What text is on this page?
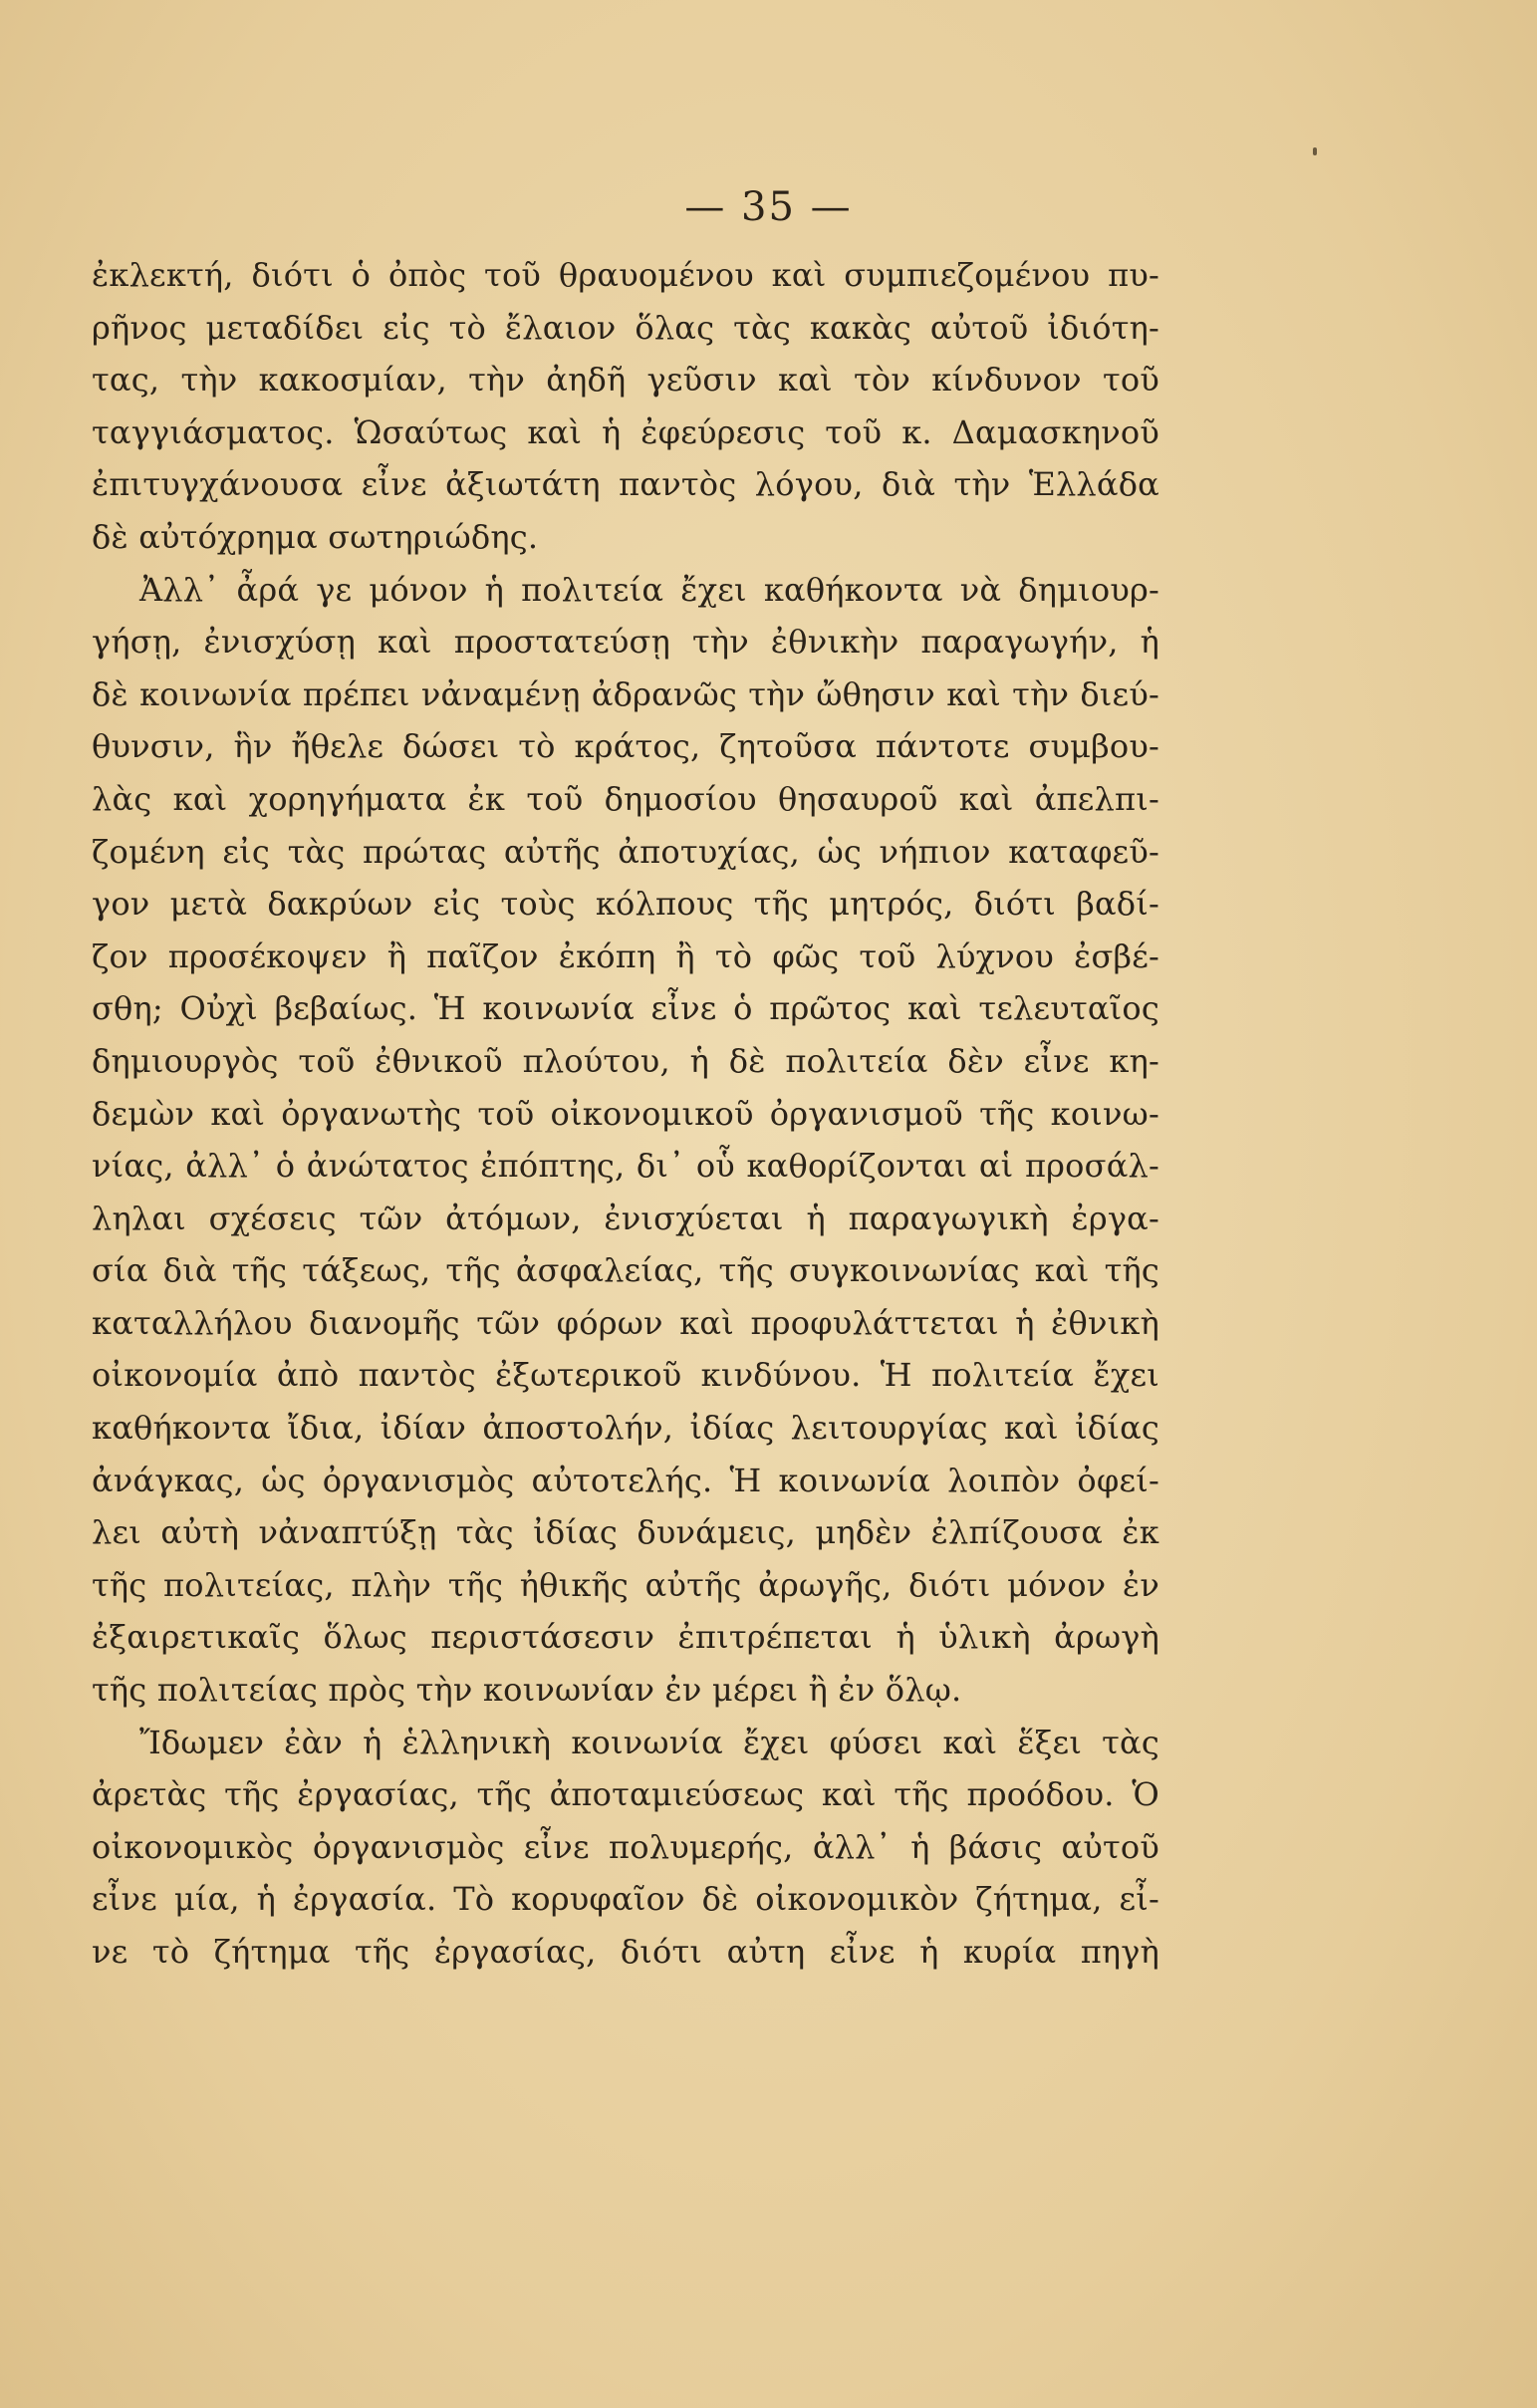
— 35 —
ἐκλεκτή, διότι ὁ ὀπὸς τοῦ θραυομένου καὶ συμπιεζομένου πυ-
ρῆνος μεταδίδει εἰς τὸ ἔλαιον ὅλας τὰς κακὰς αὐτοῦ ἰδιότη-
τας, τὴν κακοσμίαν, τὴν ἀηδῆ γεῦσιν καὶ τὸν κίνδυνον τοῦ
ταγγιάσματος. Ὡσαύτως καὶ ἡ ἐφεύρεσις τοῦ κ. Δαμασκηνοῦ
ἐπιτυγχάνουσα εἶνε ἀξιωτάτη παντὸς λόγου, διὰ τὴν Ἑλλάδα
δὲ αὐτόχρημα σωτηριώδης.
Ἀλλ᾽ ἆρά γε μόνον ἡ πολιτεία ἔχει καθήκοντα νὰ δημιουρ-
γήσῃ, ἐνισχύσῃ καὶ προστατεύσῃ τὴν ἐθνικὴν παραγωγήν, ἡ
δὲ κοινωνία πρέπει νἀναμένῃ ἀδρανῶς τὴν ὤθησιν καὶ τὴν διεύ-
θυνσιν, ἣν ἤθελε δώσει τὸ κράτος, ζητοῦσα πάντοτε συμβου-
λὰς καὶ χορηγήματα ἐκ τοῦ δημοσίου θησαυροῦ καὶ ἀπελπι-
ζομένη εἰς τὰς πρώτας αὐτῆς ἀποτυχίας, ὡς νήπιον καταφεῦ-
γον μετὰ δακρύων εἰς τοὺς κόλπους τῆς μητρός, διότι βαδί-
ζον προσέκοψεν ἢ παῖζον ἐκόπη ἢ τὸ φῶς τοῦ λύχνου ἐσβέ-
σθη; Οὐχὶ βεβαίως. Ἡ κοινωνία εἶνε ὁ πρῶτος καὶ τελευταῖος
δημιουργὸς τοῦ ἐθνικοῦ πλούτου, ἡ δὲ πολιτεία δὲν εἶνε κη-
δεμὼν καὶ ὀργανωτὴς τοῦ οἰκονομικοῦ ὀργανισμοῦ τῆς κοινω-
νίας, ἀλλ᾽ ὁ ἀνώτατος ἐπόπτης, δι᾽ οὗ καθορίζονται αἱ προσάλ-
ληλαι σχέσεις τῶν ἀτόμων, ἐνισχύεται ἡ παραγωγικὴ ἐργα-
σία διὰ τῆς τάξεως, τῆς ἀσφαλείας, τῆς συγκοινωνίας καὶ τῆς
καταλλήλου διανομῆς τῶν φόρων καὶ προφυλάττεται ἡ ἐθνικὴ
οἰκονομία ἀπὸ παντὸς ἐξωτερικοῦ κινδύνου. Ἡ πολιτεία ἔχει
καθήκοντα ἴδια, ἰδίαν ἀποστολήν, ἰδίας λειτουργίας καὶ ἰδίας
ἀνάγκας, ὡς ὀργανισμὸς αὐτοτελής. Ἡ κοινωνία λοιπὸν ὀφεί-
λει αὐτὴ νἀναπτύξῃ τὰς ἰδίας δυνάμεις, μηδὲν ἐλπίζουσα ἐκ
τῆς πολιτείας, πλὴν τῆς ἠθικῆς αὐτῆς ἀρωγῆς, διότι μόνον ἐν
ἐξαιρετικαῖς ὅλως περιστάσεσιν ἐπιτρέπεται ἡ ὑλικὴ ἀρωγὴ
τῆς πολιτείας πρὸς τὴν κοινωνίαν ἐν μέρει ἢ ἐν ὅλῳ.
Ἴδωμεν ἐὰν ἡ ἑλληνικὴ κοινωνία ἔχει φύσει καὶ ἕξει τὰς
ἀρετὰς τῆς ἐργασίας, τῆς ἀποταμιεύσεως καὶ τῆς προόδου. Ὁ
οἰκονομικὸς ὀργανισμὸς εἶνε πολυμερής, ἀλλ᾽ ἡ βάσις αὐτοῦ
εἶνε μία, ἡ ἐργασία. Τὸ κορυφαῖον δὲ οἰκονομικὸν ζήτημα, εἶ-
νε τὸ ζήτημα τῆς ἐργασίας, διότι αὐτη εἶνε ἡ κυρία πηγὴ
